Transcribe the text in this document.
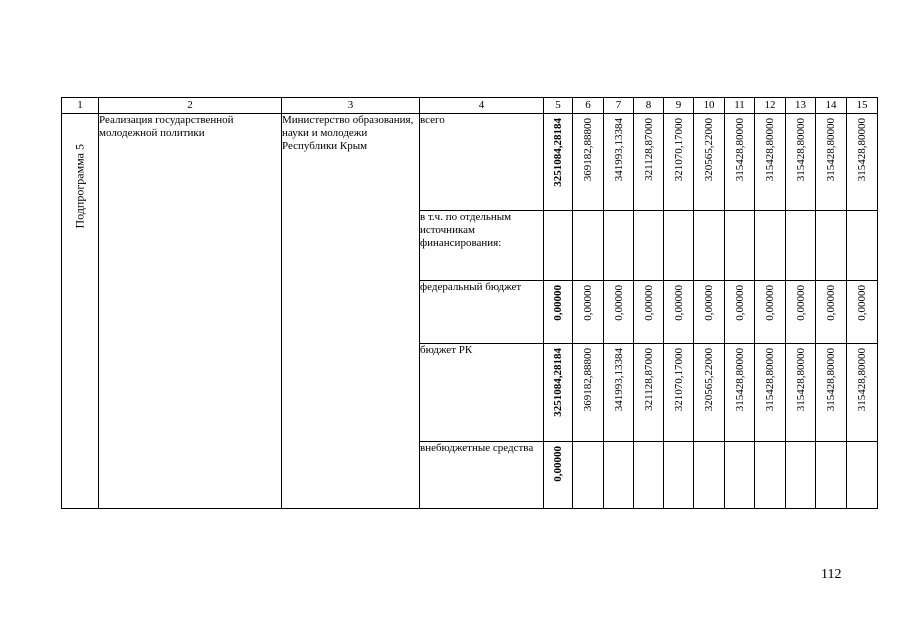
1	2	3	4	5	6	7	8	9	10	11	12	13	14	15

Подпрограмма 5	Реализация государственной молодежной политики	Министерство образования, науки и молодежи Республики Крым	всего	3251084,28184	369182,88800	341993,13384	321128,87000	321070,17000	320565,22000	315428,80000	315428,80000	315428,80000	315428,80000	315428,80000

			в т.ч. по отдельным источникам финансирования:	

			федеральный бюджет	0,00000	0,00000	0,00000	0,00000	0,00000	0,00000	0,00000	0,00000	0,00000	0,00000	0,00000

			бюджет РК	3251084,28184	369182,88800	341993,13384	321128,87000	321070,17000	320565,22000	315428,80000	315428,80000	315428,80000	315428,80000	315428,80000

			внебюджетные средства	0,00000										

112
